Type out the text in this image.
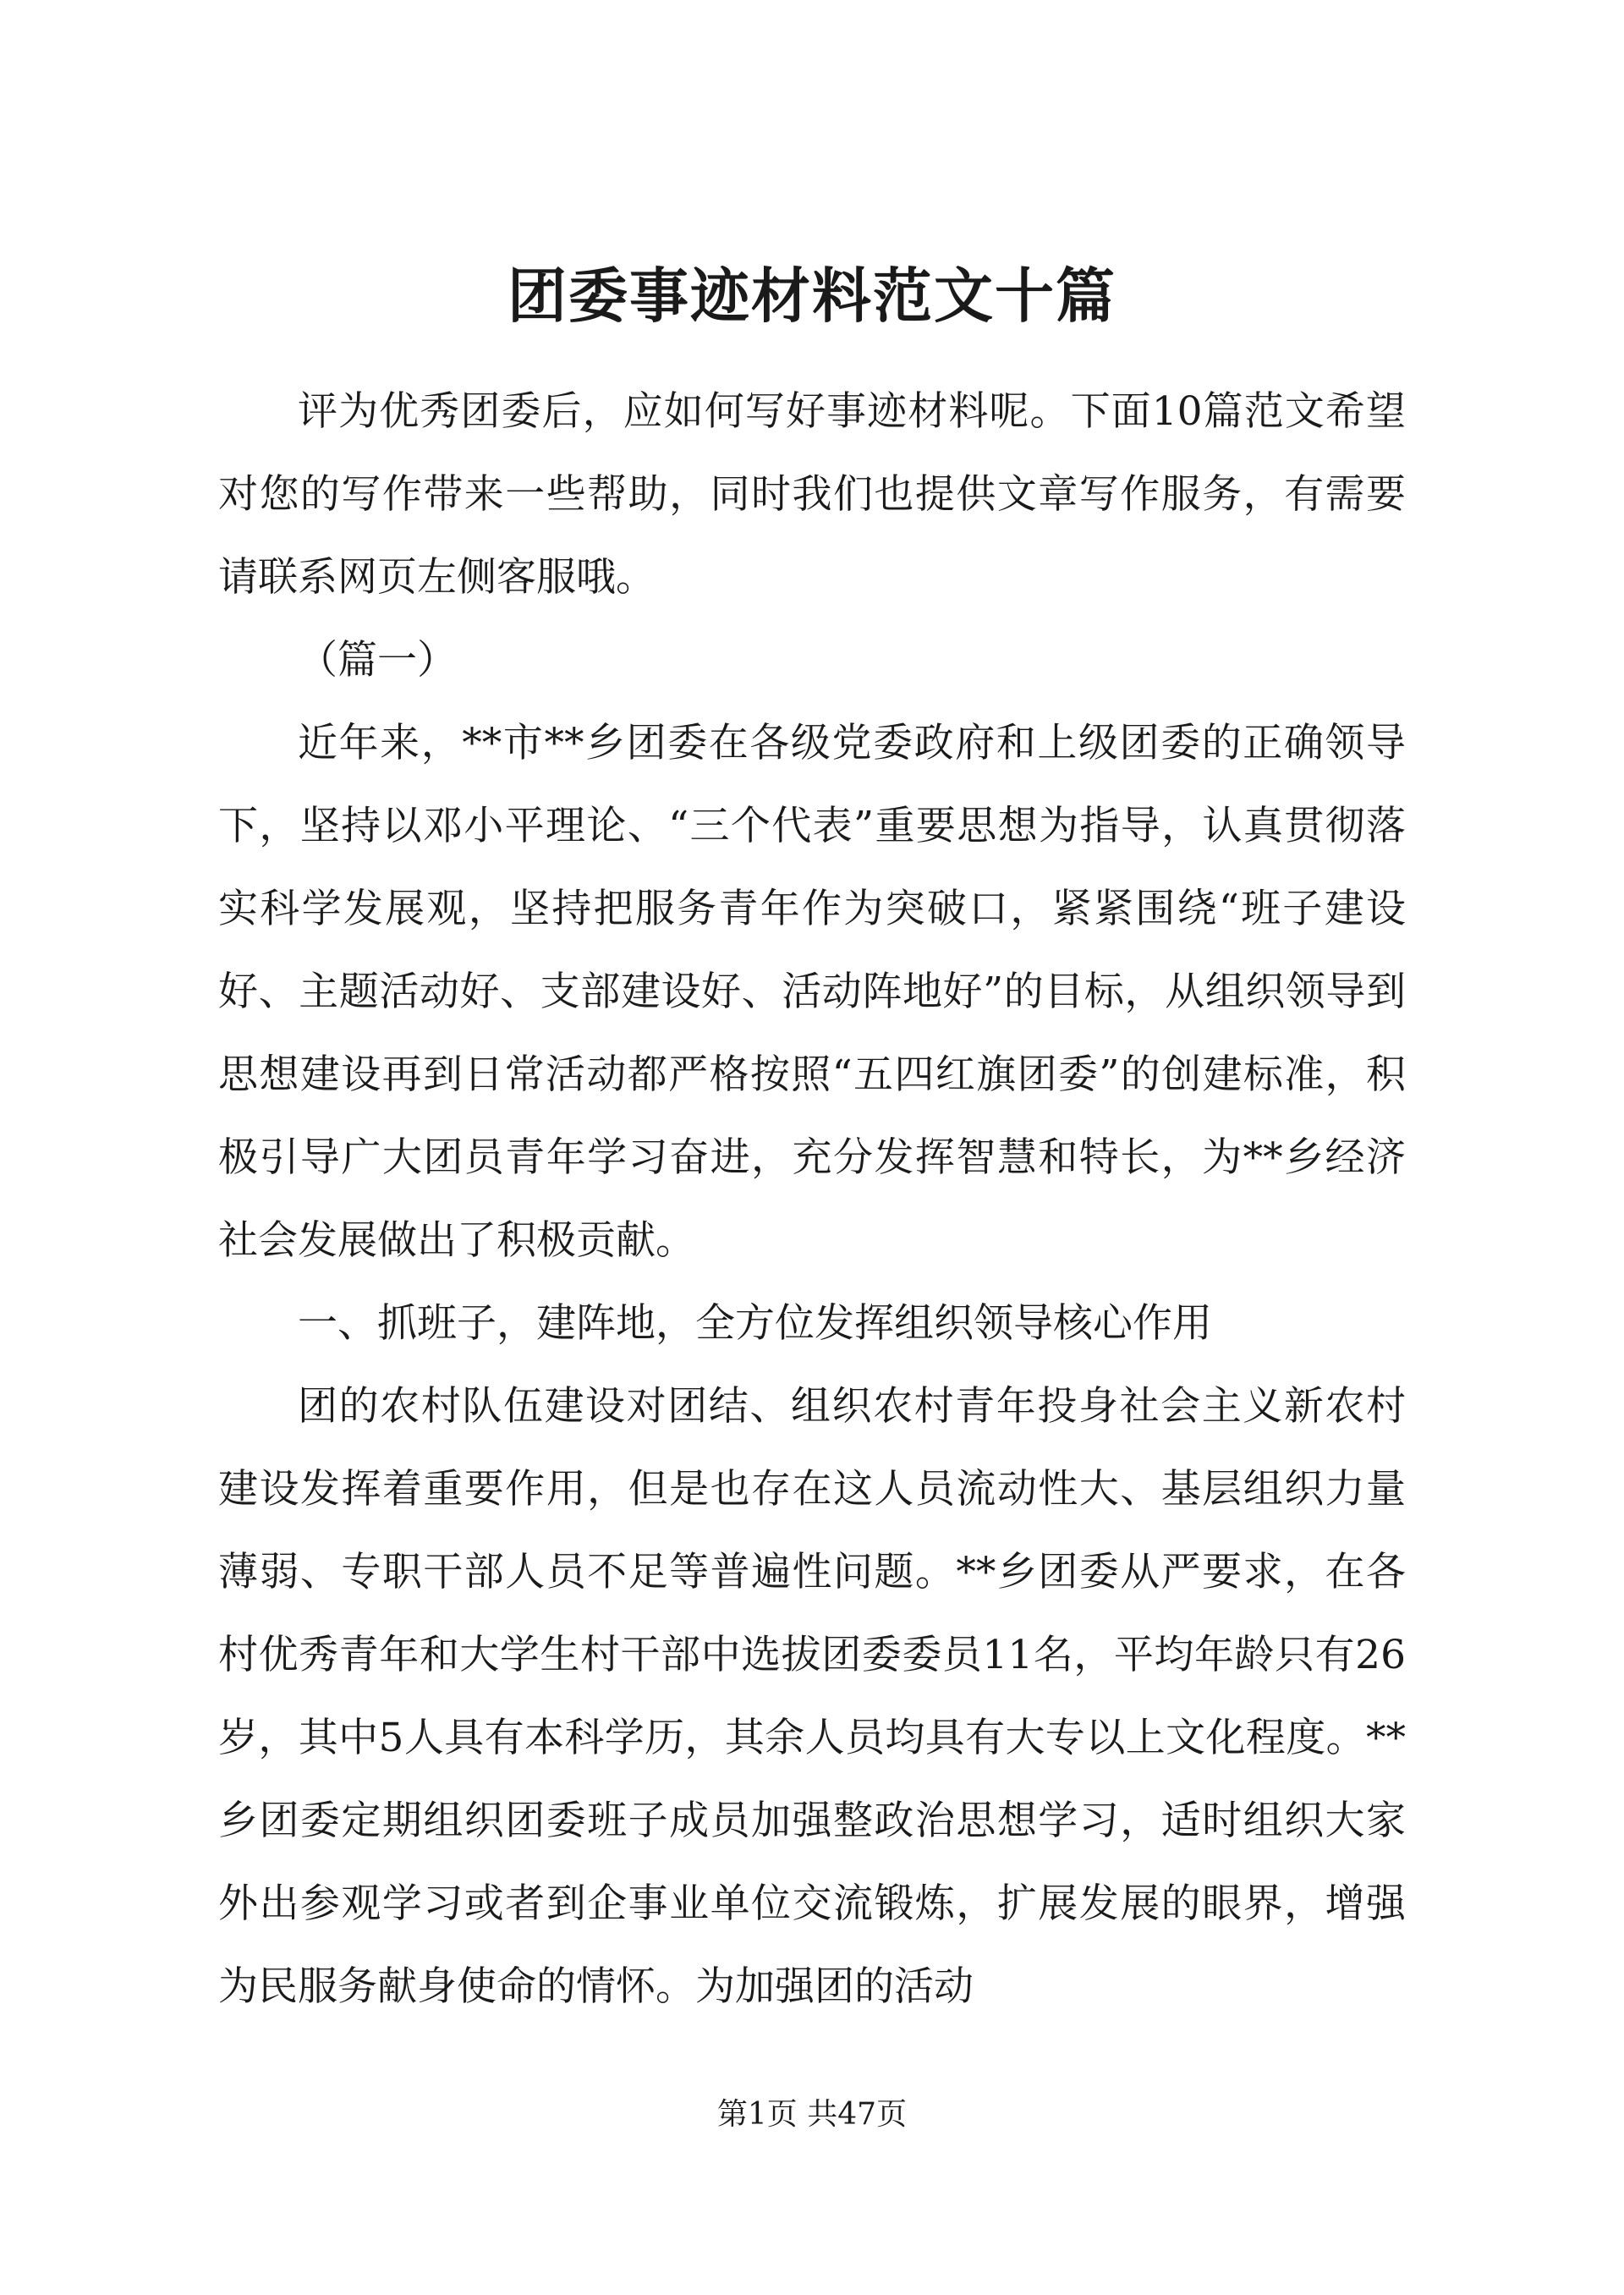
团委事迹材料范文十篇

评为优秀团委后，应如何写好事迹材料呢。下面10篇范文希望对您的写作带来一些帮助，同时我们也提供文章写作服务，有需要请联系网页左侧客服哦。

（篇一）

近年来，**市**乡团委在各级党委政府和上级团委的正确领导下，坚持以邓小平理论、“三个代表”重要思想为指导，认真贯彻落实科学发展观，坚持把服务青年作为突破口，紧紧围绕“班子建设好、主题活动好、支部建设好、活动阵地好”的目标，从组织领导到思想建设再到日常活动都严格按照“五四红旗团委”的创建标准，积极引导广大团员青年学习奋进，充分发挥智慧和特长，为**乡经济社会发展做出了积极贡献。

一、抓班子，建阵地，全方位发挥组织领导核心作用

团的农村队伍建设对团结、组织农村青年投身社会主义新农村建设发挥着重要作用，但是也存在这人员流动性大、基层组织力量薄弱、专职干部人员不足等普遍性问题。**乡团委从严要求，在各村优秀青年和大学生村干部中选拔团委委员11名，平均年龄只有26岁，其中5人具有本科学历，其余人员均具有大专以上文化程度。**乡团委定期组织团委班子成员加强整政治思想学习，适时组织大家外出参观学习或者到企事业单位交流锻炼，扩展发展的眼界，增强为民服务献身使命的情怀。为加强团的活动

第1页 共47页
